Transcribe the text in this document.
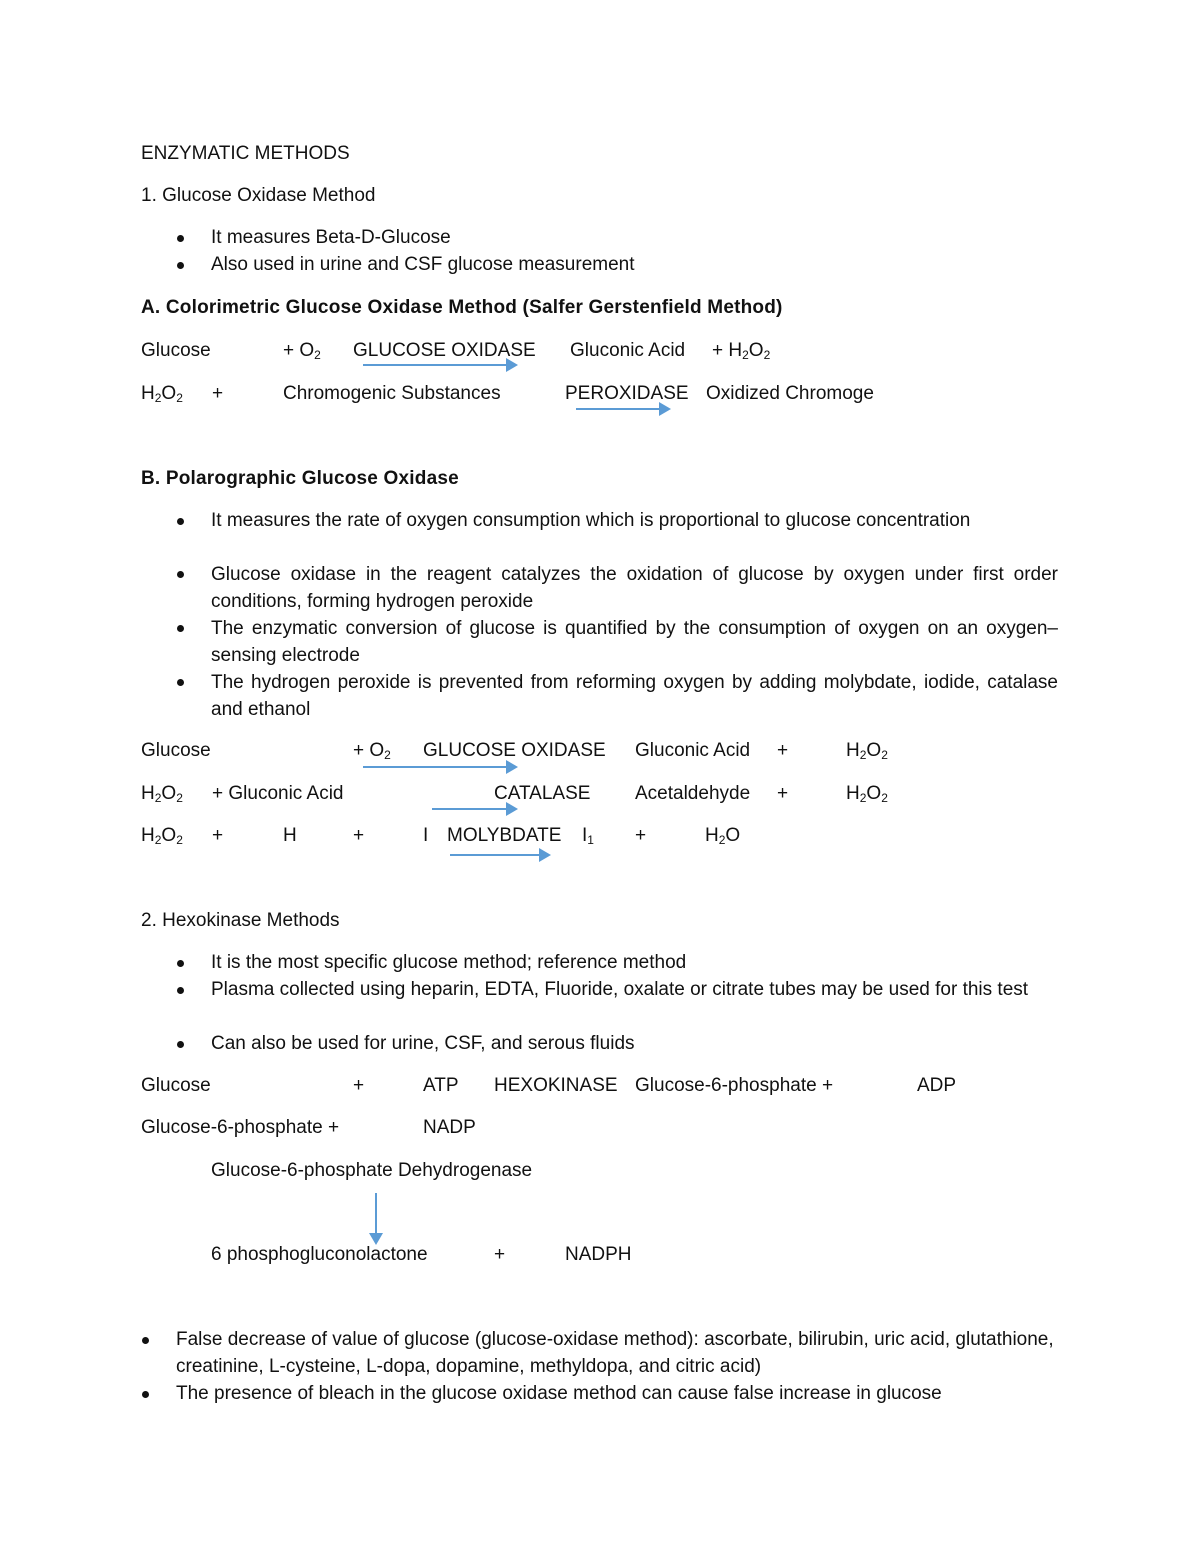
ENZYMATIC METHODS
1. Glucose Oxidase Method
It measures Beta-D-Glucose
Also used in urine and CSF glucose measurement
A. Colorimetric Glucose Oxidase Method (Salfer Gerstenfield Method)
Glucose	+ $O_2$ GLUCOSE OXIDASE Gluconic Acid + $H_2O_2$
$H_2O_2$ +	Chromogenic Substances	PEROXIDASE Oxidized Chromoge
B. Polarographic Glucose Oxidase
It measures the rate of oxygen consumption which is proportional to glucose concentration
Glucose oxidase in the reagent catalyzes the oxidation of glucose by oxygen under first order conditions, forming hydrogen peroxide
The enzymatic conversion of glucose is quantified by the consumption of oxygen on an oxygen–sensing electrode
The hydrogen peroxide is prevented from reforming oxygen by adding molybdate, iodide, catalase and ethanol
Glucose	+ $O_2$ GLUCOSE OXIDASE Gluconic Acid +	$H_2O_2$
$H_2O_2$ + Gluconic Acid	CATALASE Acetaldehyde +	$H_2O_2$
$H_2O_2$ +	H	+	I MOLYBDATE $I_1$ +	$H_2O$
2. Hexokinase Methods
It is the most specific glucose method; reference method
Plasma collected using heparin, EDTA, Fluoride, oxalate or citrate tubes may be used for this test
Can also be used for urine, CSF, and serous fluids
Glucose	+	ATP HEXOKINASE Glucose-6-phosphate +	ADP
Glucose-6-phosphate +	NADP
Glucose-6-phosphate Dehydrogenase
6 phosphogluconolactone	+	NADPH
False decrease of value of glucose (glucose-oxidase method): ascorbate, bilirubin, uric acid, glutathione, creatinine, L-cysteine, L-dopa, dopamine, methyldopa, and citric acid)
The presence of bleach in the glucose oxidase method can cause false increase in glucose
